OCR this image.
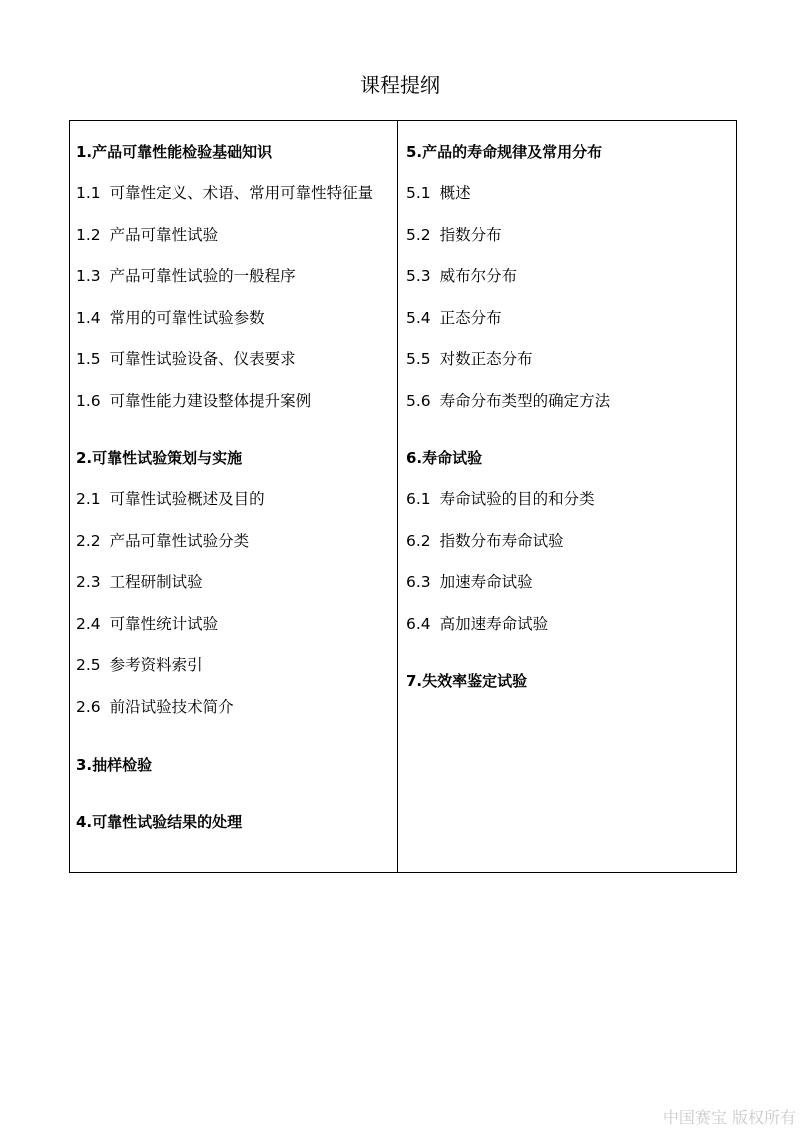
课程提纲
1.产品可靠性能检验基础知识
1.1 可靠性定义、术语、常用可靠性特征量
1.2 产品可靠性试验
1.3 产品可靠性试验的一般程序
1.4 常用的可靠性试验参数
1.5 可靠性试验设备、仪表要求
1.6 可靠性能力建设整体提升案例
2.可靠性试验策划与实施
2.1 可靠性试验概述及目的
2.2 产品可靠性试验分类
2.3 工程研制试验
2.4 可靠性统计试验
2.5 参考资料索引
2.6 前沿试验技术简介
3.抽样检验
4.可靠性试验结果的处理
5.产品的寿命规律及常用分布
5.1 概述
5.2 指数分布
5.3 威布尔分布
5.4 正态分布
5.5 对数正态分布
5.6 寿命分布类型的确定方法
6.寿命试验
6.1 寿命试验的目的和分类
6.2 指数分布寿命试验
6.3 加速寿命试验
6.4 高加速寿命试验
7.失效率鉴定试验
中国赛宝 版权所有
